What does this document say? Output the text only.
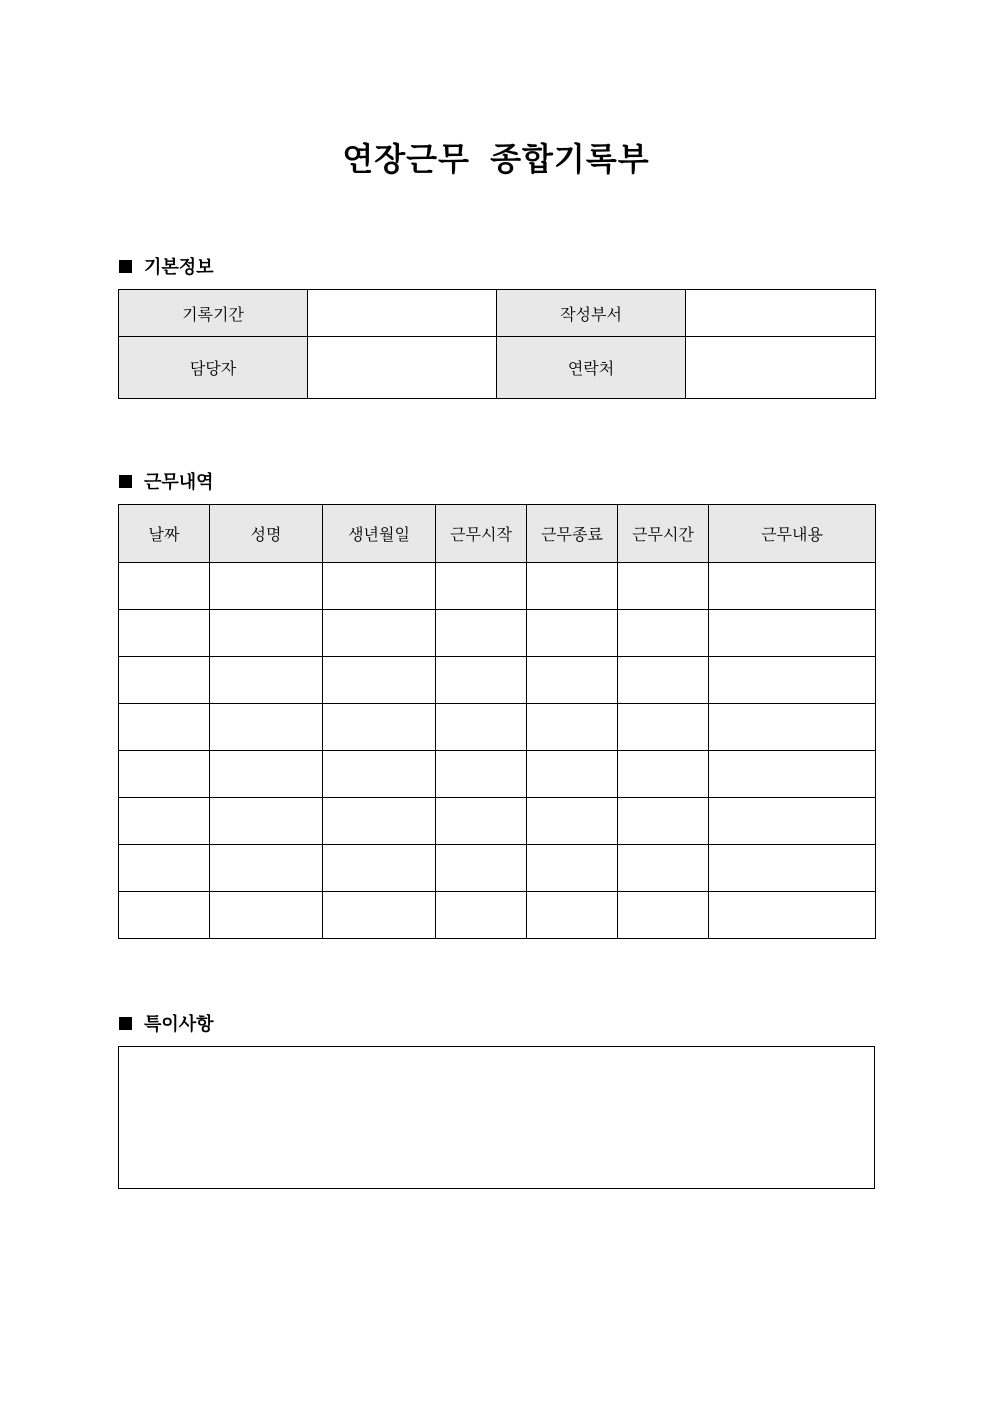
연장근무 종합기록부
기본정보
기록기간		작성부서	
담당자		연락처	
근무내역
날짜	성명	생년월일	근무시작	근무종료	근무시간	근무내용

특이사항
